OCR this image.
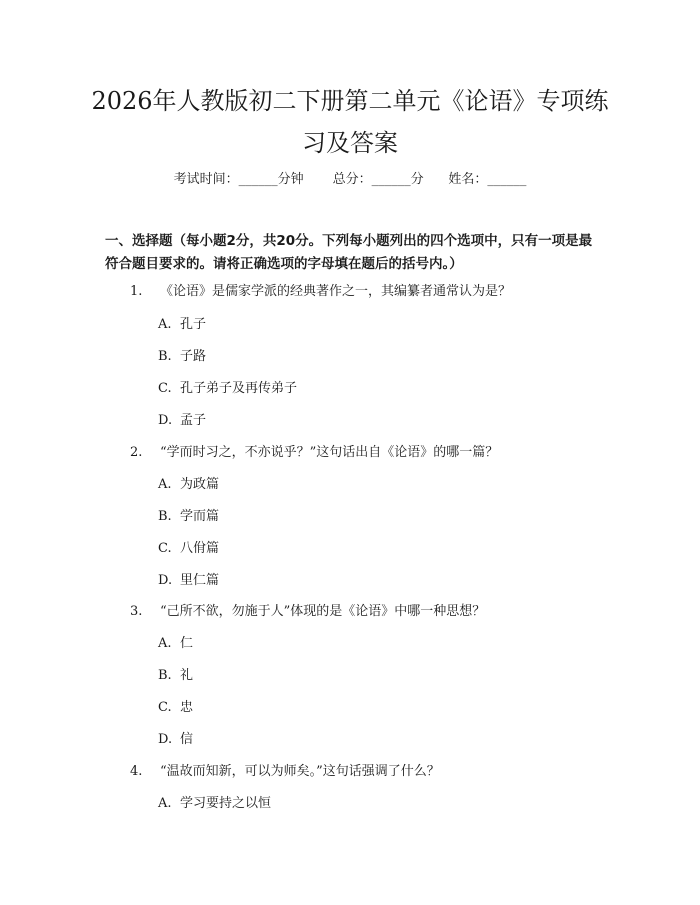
2026年人教版初二下册第二单元《论语》专项练习及答案
考试时间：______分钟 总分：______分 姓名：______
一、选择题（每小题2分，共20分。下列每小题列出的四个选项中，只有一项是最符合题目要求的。请将正确选项的字母填在题后的括号内。）
1. 《论语》是儒家学派的经典著作之一，其编纂者通常认为是？
A. 孔子
B. 子路
C. 孔子弟子及再传弟子
D. 孟子
2. “学而时习之，不亦说乎？”这句话出自《论语》的哪一篇？
A. 为政篇
B. 学而篇
C. 八佾篇
D. 里仁篇
3. “己所不欲，勿施于人”体现的是《论语》中哪一种思想？
A. 仁
B. 礼
C. 忠
D. 信
4. “温故而知新，可以为师矣。”这句话强调了什么？
A. 学习要持之以恒
